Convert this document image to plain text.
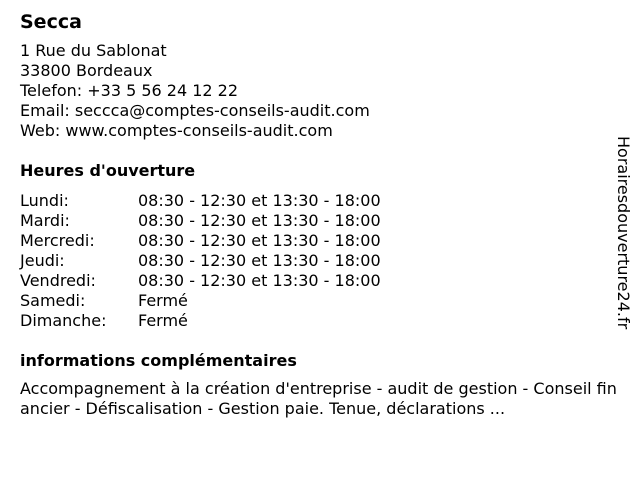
Secca
1 Rue du Sablonat
33800 Bordeaux
Telefon: +33 5 56 24 12 22
Email: seccca@comptes-conseils-audit.com
Web: www.comptes-conseils-audit.com
Heures d'ouverture
Lundi:	08:30 - 12:30 et 13:30 - 18:00
Mardi:	08:30 - 12:30 et 13:30 - 18:00
Mercredi:	08:30 - 12:30 et 13:30 - 18:00
Jeudi:	08:30 - 12:30 et 13:30 - 18:00
Vendredi:	08:30 - 12:30 et 13:30 - 18:00
Samedi:	Fermé
Dimanche:	Fermé
informations complémentaires
Accompagnement à la création d'entreprise - audit de gestion - Conseil financier - Défiscalisation - Gestion paie. Tenue, déclarations ...
Horairesdouverture24.fr
